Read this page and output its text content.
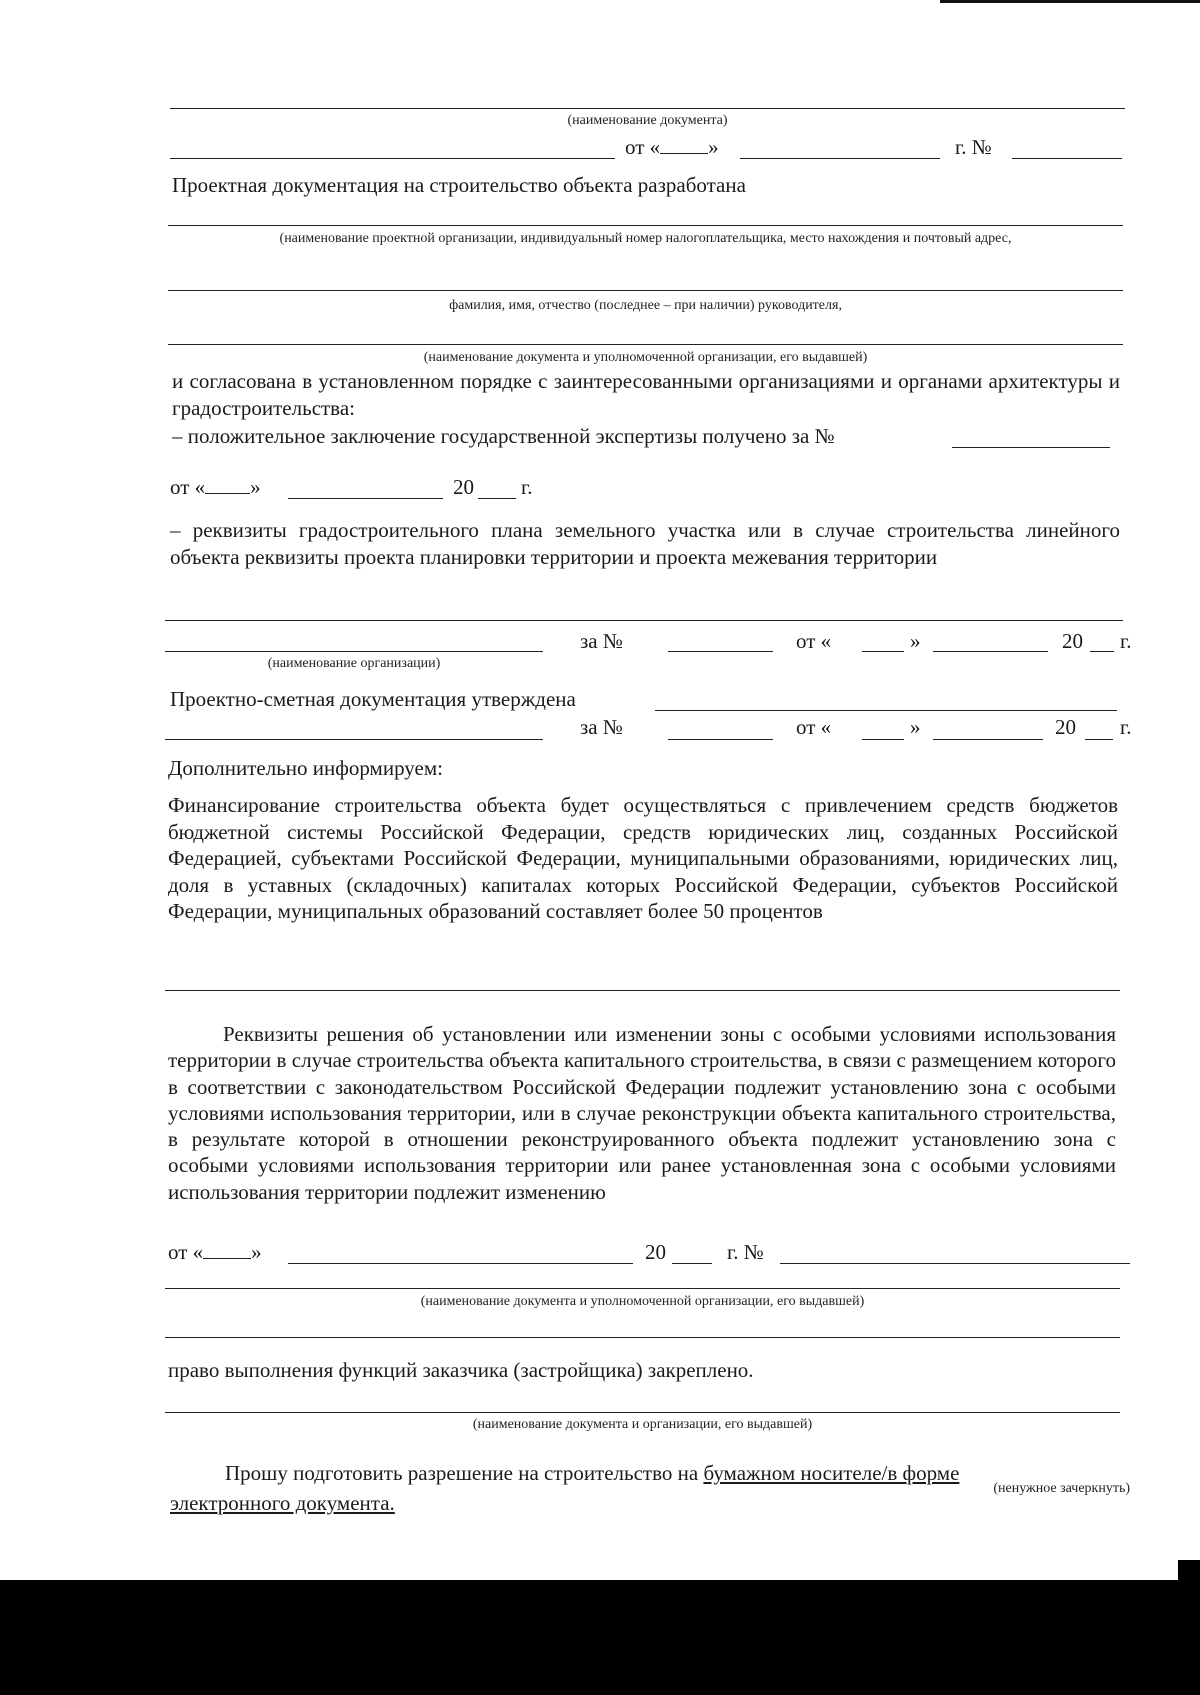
(наименование документа)
от « »	г. №
Проектная документация на строительство объекта разработана
(наименование проектной организации, индивидуальный номер налогоплательщика, место нахождения и почтовый адрес,
фамилия, имя, отчество (последнее – при наличии) руководителя,
(наименование документа и уполномоченной организации, его выдавшей)
и согласована в установленном порядке с заинтересованными организациями и органами архитектуры и градостроительства:
– положительное заключение государственной экспертизы получено за №
от « »	20 г.
– реквизиты градостроительного плана земельного участка или в случае строительства линейного объекта реквизиты проекта планировки территории и проекта межевания территории
за №	от «	»	20 г.
(наименование организации)
Проектно-сметная документация утверждена
за №	от «	»	20 г.
Дополнительно информируем:
Финансирование строительства объекта будет осуществляться с привлечением средств бюджетов бюджетной системы Российской Федерации, средств юридических лиц, созданных Российской Федерацией, субъектами Российской Федерации, муниципальными образованиями, юридических лиц, доля в уставных (складочных) капиталах которых Российской Федерации, субъектов Российской Федерации, муниципальных образований составляет более 50 процентов
Реквизиты решения об установлении или изменении зоны с особыми условиями использования территории в случае строительства объекта капитального строительства, в связи с размещением которого в соответствии с законодательством Российской Федерации подлежит установлению зона с особыми условиями использования территории, или в случае реконструкции объекта капитального строительства, в результате которой в отношении реконструированного объекта подлежит установлению зона с особыми условиями использования территории или ранее установленная зона с особыми условиями использования территории подлежит изменению
от « »	20	г. №
(наименование документа и уполномоченной организации, его выдавшей)
право выполнения функций заказчика (застройщика) закреплено.
(наименование документа и организации, его выдавшей)
Прошу подготовить разрешение на строительство на бумажном носителе/в форме
(ненужное зачеркнуть)
электронного документа.
